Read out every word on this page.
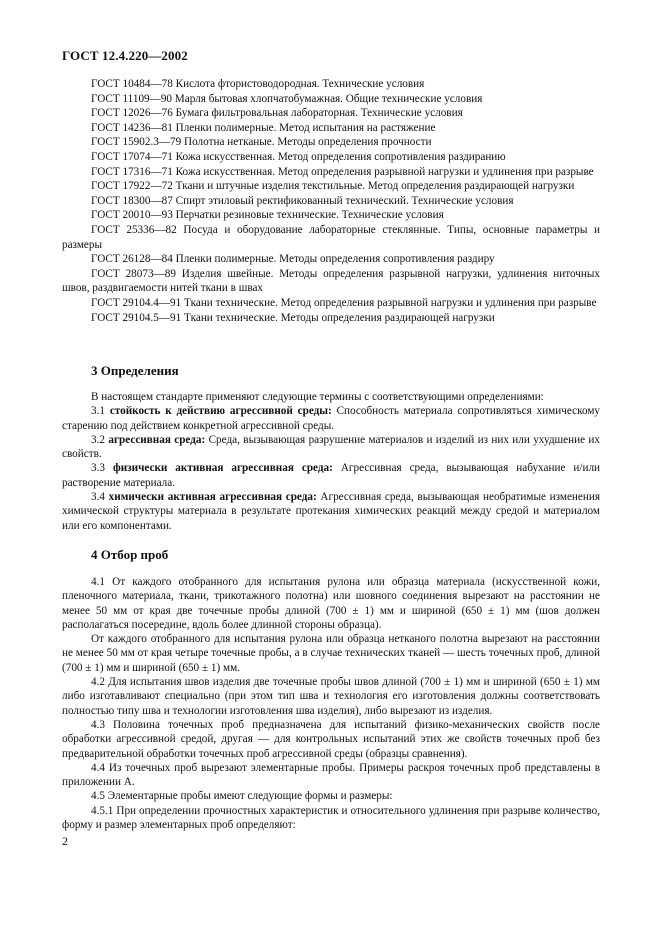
ГОСТ 12.4.220—2002

ГОСТ 10484—78 Кислота фтористоводородная. Технические условия

ГОСТ 11109—90 Марля бытовая хлопчатобумажная. Общие технические условия

ГОСТ 12026—76 Бумага фильтровальная лабораторная. Технические условия

ГОСТ 14236—81 Пленки полимерные. Метод испытания на растяжение

ГОСТ 15902.3—79 Полотна нетканые. Методы определения прочности

ГОСТ 17074—71 Кожа искусственная. Метод определения сопротивления раздиранию

ГОСТ 17316—71 Кожа искусственная. Метод определения разрывной нагрузки и удлинения при разрыве

ГОСТ 17922—72 Ткани и штучные изделия текстильные. Метод определения раздирающей нагрузки

ГОСТ 18300—87 Спирт этиловый ректификованный технический. Технические условия

ГОСТ 20010—93 Перчатки резиновые технические. Технические условия

ГОСТ 25336—82 Посуда и оборудование лабораторные стеклянные. Типы, основные параметры и размеры

ГОСТ 26128—84 Пленки полимерные. Методы определения сопротивления раздиру

ГОСТ 28073—89 Изделия швейные. Методы определения разрывной нагрузки, удлинения ниточных швов, раздвигаемости нитей ткани в швах

ГОСТ 29104.4—91 Ткани технические. Метод определения разрывной нагрузки и удлинения при разрыве

ГОСТ 29104.5—91 Ткани технические. Методы определения раздирающей нагрузки

3 Определения

В настоящем стандарте применяют следующие термины с соответствующими определениями:

3.1 стойкость к действию агрессивной среды: Способность материала сопротивляться химическому старению под действием конкретной агрессивной среды.

3.2 агрессивная среда: Среда, вызывающая разрушение материалов и изделий из них или ухудшение их свойств.

3.3 физически активная агрессивная среда: Агрессивная среда, вызывающая набухание и/или растворение материала.

3.4 химически активная агрессивная среда: Агрессивная среда, вызывающая необратимые изменения химической структуры материала в результате протекания химических реакций между средой и материалом или его компонентами.

4 Отбор проб

4.1 От каждого отобранного для испытания рулона или образца материала (искусственной кожи, пленочного материала, ткани, трикотажного полотна) или шовного соединения вырезают на расстоянии не менее 50 мм от края две точечные пробы длиной (700 ± 1) мм и шириной (650 ± 1) мм (шов должен располагаться посередине, вдоль более длинной стороны образца).

От каждого отобранного для испытания рулона или образца нетканого полотна вырезают на расстоянии не менее 50 мм от края четыре точечные пробы, а в случае технических тканей — шесть точечных проб, длиной (700 ± 1) мм и шириной (650 ± 1) мм.

4.2 Для испытания швов изделия две точечные пробы швов длиной (700 ± 1) мм и шириной (650 ± 1) мм либо изготавливают специально (при этом тип шва и технология его изготовления должны соответствовать полностью типу шва и технологии изготовления шва изделия), либо вырезают из изделия.

4.3 Половина точечных проб предназначена для испытаний физико-механических свойств после обработки агрессивной средой, другая — для контрольных испытаний этих же свойств точечных проб без предварительной обработки точечных проб агрессивной среды (образцы сравнения).

4.4 Из точечных проб вырезают элементарные пробы. Примеры раскроя точечных проб представлены в приложении А.

4.5 Элементарные пробы имеют следующие формы и размеры:

4.5.1 При определении прочностных характеристик и относительного удлинения при разрыве количество, форму и размер элементарных проб определяют:

2
